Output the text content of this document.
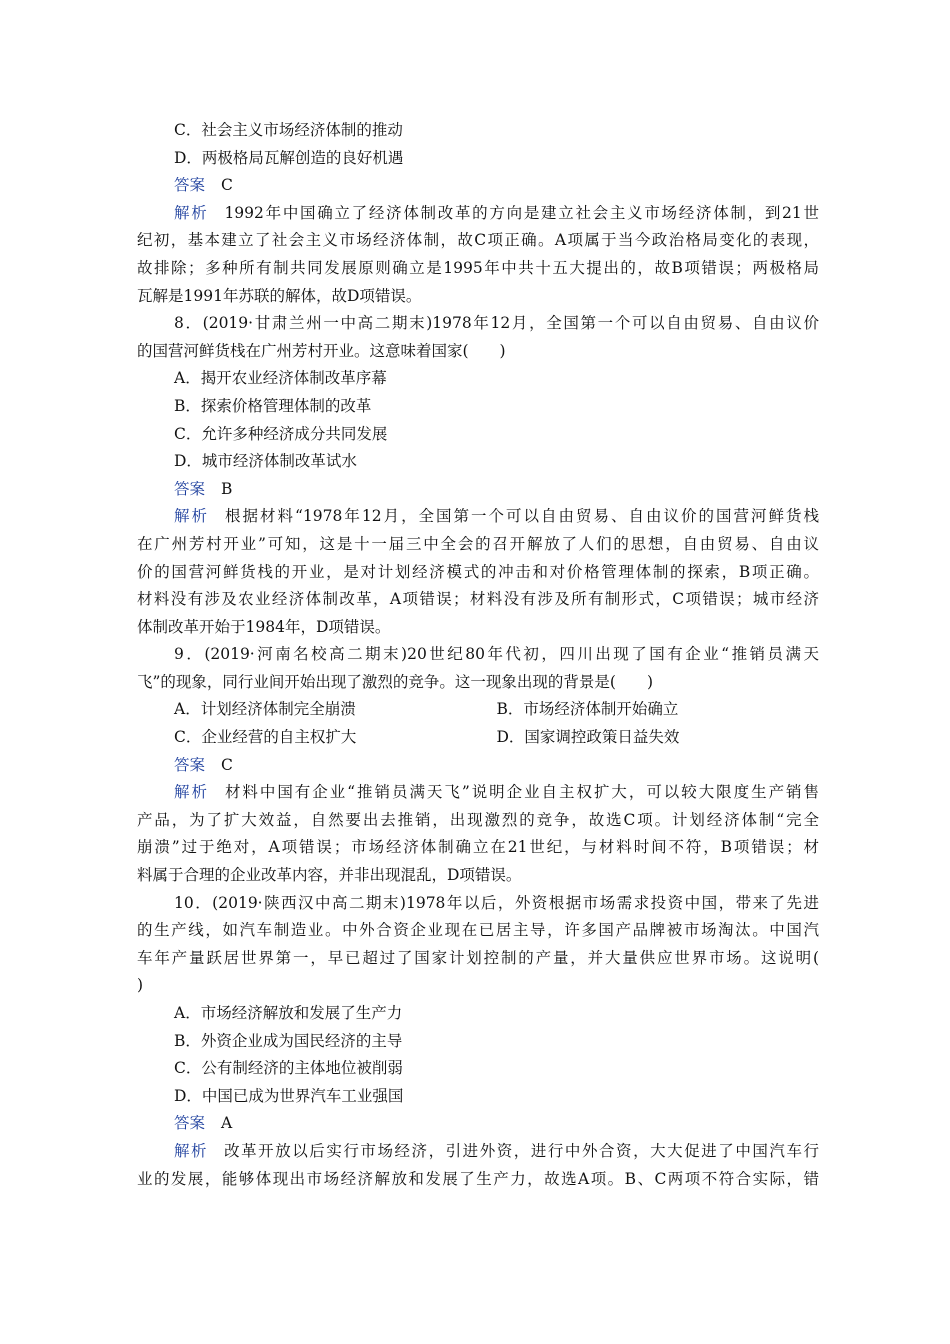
C．社会主义市场经济体制的推动
D．两极格局瓦解创造的良好机遇
答案 C
解析 1992年中国确立了经济体制改革的方向是建立社会主义市场经济体制，到21世
纪初，基本建立了社会主义市场经济体制，故C项正确。A项属于当今政治格局变化的表现，
故排除；多种所有制共同发展原则确立是1995年中共十五大提出的，故B项错误；两极格局
瓦解是1991年苏联的解体，故D项错误。
8．(2019·甘肃兰州一中高二期末)1978年12月，全国第一个可以自由贸易、自由议价
的国营河鲜货栈在广州芳村开业。这意味着国家(　　)
A．揭开农业经济体制改革序幕
B．探索价格管理体制的改革
C．允许多种经济成分共同发展
D．城市经济体制改革试水
答案 B
解析 根据材料“1978年12月，全国第一个可以自由贸易、自由议价的国营河鲜货栈
在广州芳村开业”可知，这是十一届三中全会的召开解放了人们的思想，自由贸易、自由议
价的国营河鲜货栈的开业，是对计划经济模式的冲击和对价格管理体制的探索，B项正确。
材料没有涉及农业经济体制改革，A项错误；材料没有涉及所有制形式，C项错误；城市经济
体制改革开始于1984年，D项错误。
9．(2019·河南名校高二期末)20世纪80年代初，四川出现了国有企业“推销员满天
飞”的现象，同行业间开始出现了激烈的竞争。这一现象出现的背景是(　　)
A．计划经济体制完全崩溃	B．市场经济体制开始确立
C．企业经营的自主权扩大	D．国家调控政策日益失效
答案 C
解析 材料中国有企业“推销员满天飞”说明企业自主权扩大，可以较大限度生产销售
产品，为了扩大效益，自然要出去推销，出现激烈的竞争，故选C项。计划经济体制“完全
崩溃”过于绝对，A项错误；市场经济体制确立在21世纪，与材料时间不符，B项错误；材
料属于合理的企业改革内容，并非出现混乱，D项错误。
10．(2019·陕西汉中高二期末)1978年以后，外资根据市场需求投资中国，带来了先进
的生产线，如汽车制造业。中外合资企业现在已居主导，许多国产品牌被市场淘汰。中国汽
车年产量跃居世界第一，早已超过了国家计划控制的产量，并大量供应世界市场。这说明(
)
A．市场经济解放和发展了生产力
B．外资企业成为国民经济的主导
C．公有制经济的主体地位被削弱
D．中国已成为世界汽车工业强国
答案 A
解析 改革开放以后实行市场经济，引进外资，进行中外合资，大大促进了中国汽车行
业的发展，能够体现出市场经济解放和发展了生产力，故选A项。B、C两项不符合实际，错
